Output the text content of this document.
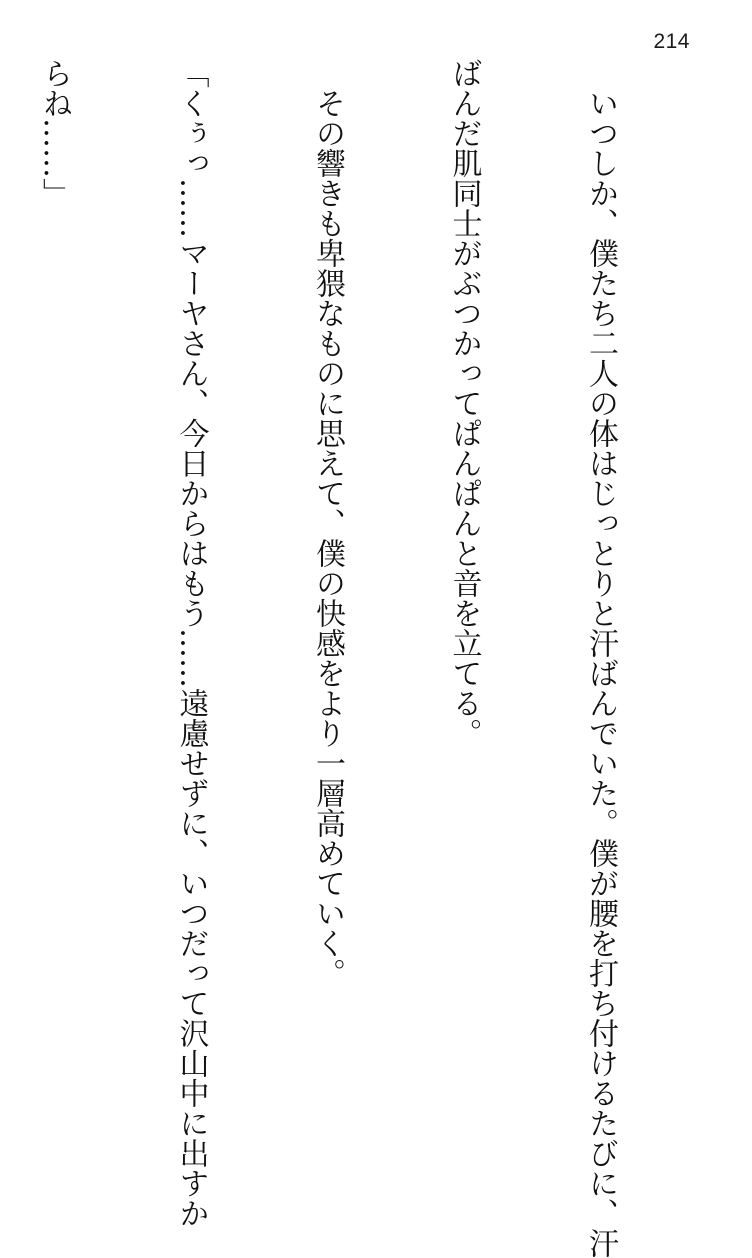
214

　いつしか、僕たち二人の体はじっとりと汗ばんでいた。僕が腰を打ち付けるたびに、汗

ばんだ肌同士がぶつかってぱんぱんと音を立てる。

　その響きも卑猥なものに思えて、僕の快感をより一層高めていく。

「くぅっ……マーヤさん、今日からはもう……遠慮せずに、いつだって沢山中に出すか

らね……」
